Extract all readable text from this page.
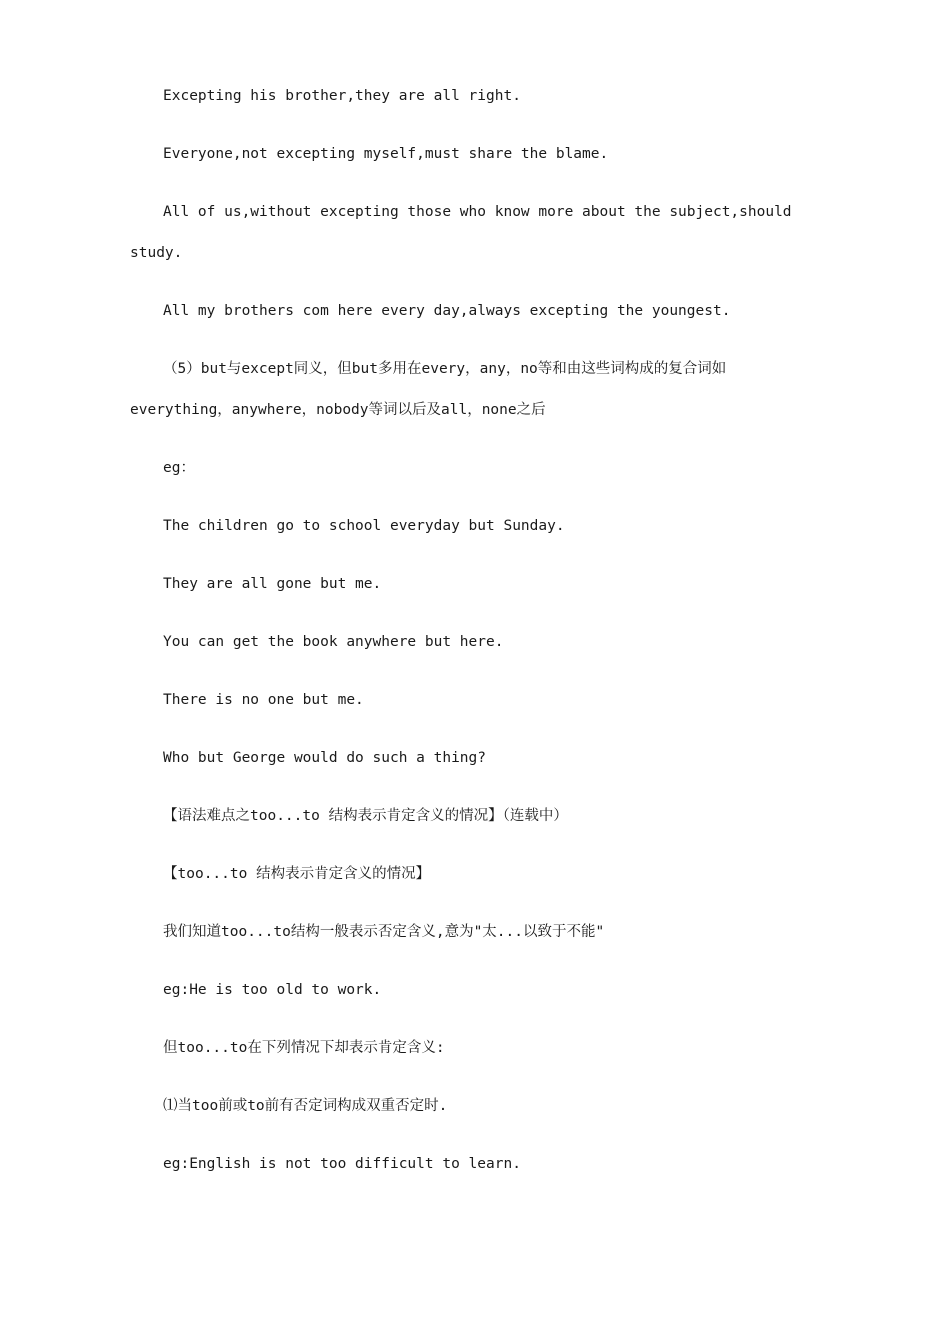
Excepting his brother,they are all right.

Everyone,not excepting myself,must share the blame.

All of us,without excepting those who know more about the subject,should study.

All my brothers com here every day,always excepting the youngest.

（5）but与except同义，但but多用在every，any，no等和由这些词构成的复合词如everything，anywhere，nobody等词以后及all，none之后

eg：

The children go to school everyday but Sunday.

They are all gone but me.

You can get the book anywhere but here.

There is no one but me.

Who but George would do such a thing?

【语法难点之too...to 结构表示肯定含义的情况】（连载中）

【too...to 结构表示肯定含义的情况】

我们知道too...to结构一般表示否定含义,意为"太...以致于不能"

eg:He is too old to work.

但too...to在下列情况下却表示肯定含义:

⑴当too前或to前有否定词构成双重否定时.

eg:English is not too difficult to learn.
